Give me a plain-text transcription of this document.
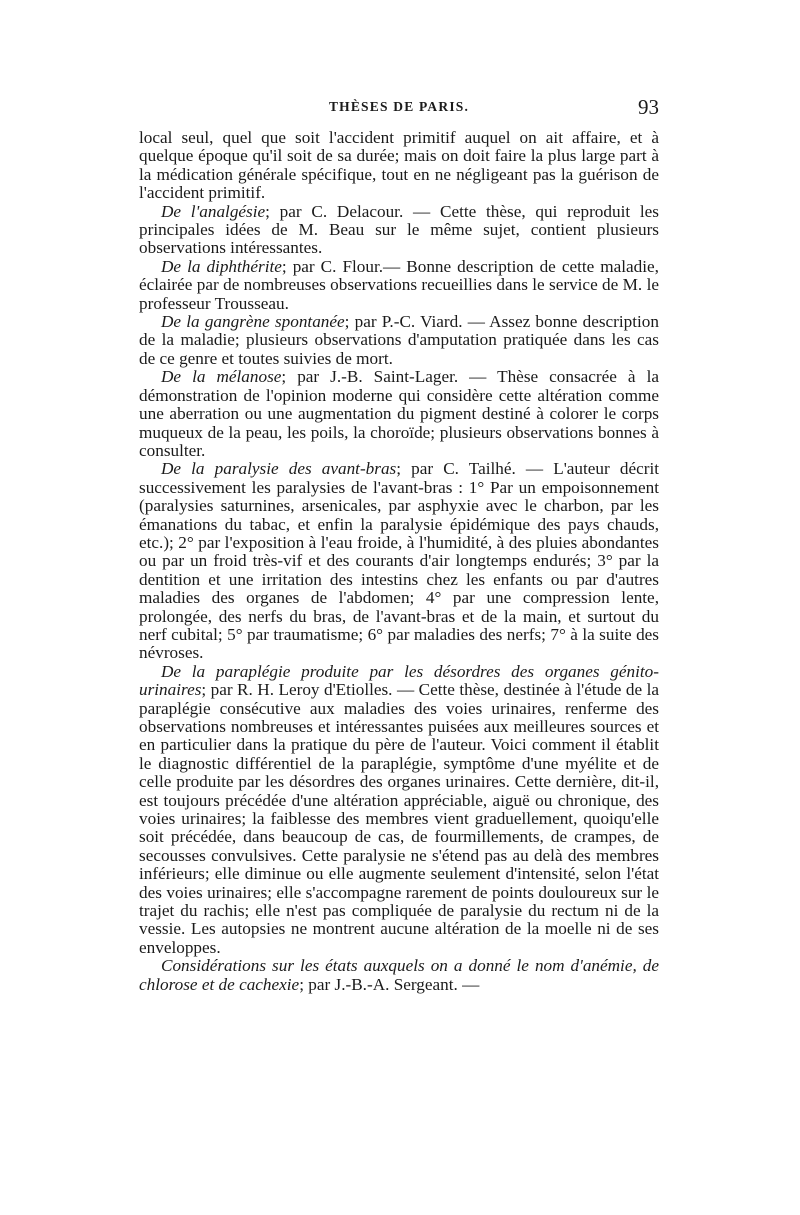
THÈSES DE PARIS.	93

local seul, quel que soit l'accident primitif auquel on ait affaire, et à quelque époque qu'il soit de sa durée; mais on doit faire la plus large part à la médication générale spécifique, tout en ne négligeant pas la guérison de l'accident primitif.

De l'analgésie; par C. Delacour. — Cette thèse, qui reproduit les principales idées de M. Beau sur le même sujet, contient plusieurs observations intéressantes.

De la diphthérite; par C. Flour.— Bonne description de cette maladie, éclairée par de nombreuses observations recueillies dans le service de M. le professeur Trousseau.

De la gangrène spontanée; par P.-C. Viard. — Assez bonne description de la maladie; plusieurs observations d'amputation pratiquée dans les cas de ce genre et toutes suivies de mort.

De la mélanose; par J.-B. Saint-Lager. — Thèse consacrée à la démonstration de l'opinion moderne qui considère cette altération comme une aberration ou une augmentation du pigment destiné à colorer le corps muqueux de la peau, les poils, la choroïde; plusieurs observations bonnes à consulter.

De la paralysie des avant-bras; par C. Tailhé. — L'auteur décrit successivement les paralysies de l'avant-bras : 1° Par un empoisonnement (paralysies saturnines, arsenicales, par asphyxie avec le charbon, par les émanations du tabac, et enfin la paralysie épidémique des pays chauds, etc.); 2° par l'exposition à l'eau froide, à l'humidité, à des pluies abondantes ou par un froid très-vif et des courants d'air longtemps endurés; 3° par la dentition et une irritation des intestins chez les enfants ou par d'autres maladies des organes de l'abdomen; 4° par une compression lente, prolongée, des nerfs du bras, de l'avant-bras et de la main, et surtout du nerf cubital; 5° par traumatisme; 6° par maladies des nerfs; 7° à la suite des névroses.

De la paraplégie produite par les désordres des organes génito-urinaires; par R. H. Leroy d'Etiolles. — Cette thèse, destinée à l'étude de la paraplégie consécutive aux maladies des voies urinaires, renferme des observations nombreuses et intéressantes puisées aux meilleures sources et en particulier dans la pratique du père de l'auteur. Voici comment il établit le diagnostic différentiel de la paraplégie, symptôme d'une myélite et de celle produite par les désordres des organes urinaires. Cette dernière, dit-il, est toujours précédée d'une altération appréciable, aiguë ou chronique, des voies urinaires; la faiblesse des membres vient graduellement, quoiqu'elle soit précédée, dans beaucoup de cas, de fourmillements, de crampes, de secousses convulsives. Cette paralysie ne s'étend pas au delà des membres inférieurs; elle diminue ou elle augmente seulement d'intensité, selon l'état des voies urinaires; elle s'accompagne rarement de points douloureux sur le trajet du rachis; elle n'est pas compliquée de paralysie du rectum ni de la vessie. Les autopsies ne montrent aucune altération de la moelle ni de ses enveloppes.

Considérations sur les états auxquels on a donné le nom d'anémie, de chlorose et de cachexie; par J.-B.-A. Sergeant. —
